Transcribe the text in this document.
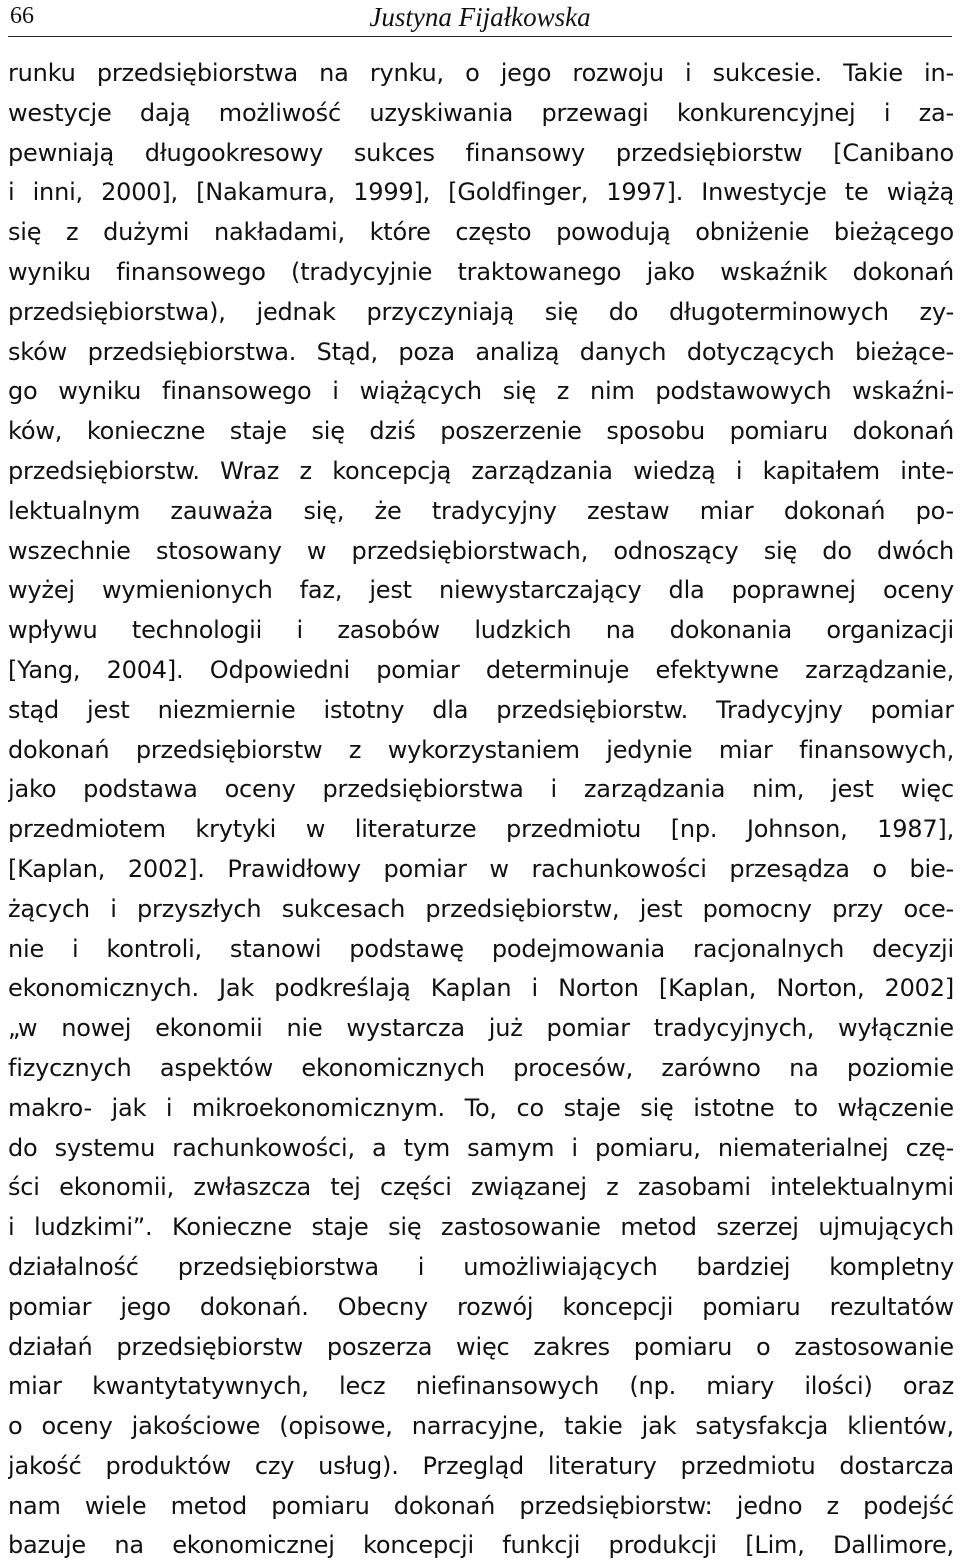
66	Justyna Fijałkowska
runku przedsiębiorstwa na rynku, o jego rozwoju i sukcesie. Takie in-
westycje dają możliwość uzyskiwania przewagi konkurencyjnej i za-
pewniają długookresowy sukces finansowy przedsiębiorstw [Canibano
i inni, 2000], [Nakamura, 1999], [Goldfinger, 1997]. Inwestycje te wiążą
się z dużymi nakładami, które często powodują obniżenie bieżącego
wyniku finansowego (tradycyjnie traktowanego jako wskaźnik dokonań
przedsiębiorstwa), jednak przyczyniają się do długoterminowych zy-
sków przedsiębiorstwa. Stąd, poza analizą danych dotyczących bieżące-
go wyniku finansowego i wiążących się z nim podstawowych wskaźni-
ków, konieczne staje się dziś poszerzenie sposobu pomiaru dokonań
przedsiębiorstw. Wraz z koncepcją zarządzania wiedzą i kapitałem inte-
lektualnym zauważa się, że tradycyjny zestaw miar dokonań po-
wszechnie stosowany w przedsiębiorstwach, odnoszący się do dwóch
wyżej wymienionych faz, jest niewystarczający dla poprawnej oceny
wpływu technologii i zasobów ludzkich na dokonania organizacji
[Yang, 2004]. Odpowiedni pomiar determinuje efektywne zarządzanie,
stąd jest niezmiernie istotny dla przedsiębiorstw. Tradycyjny pomiar
dokonań przedsiębiorstw z wykorzystaniem jedynie miar finansowych,
jako podstawa oceny przedsiębiorstwa i zarządzania nim, jest więc
przedmiotem krytyki w literaturze przedmiotu [np. Johnson, 1987],
[Kaplan, 2002]. Prawidłowy pomiar w rachunkowości przesądza o bie-
żących i przyszłych sukcesach przedsiębiorstw, jest pomocny przy oce-
nie i kontroli, stanowi podstawę podejmowania racjonalnych decyzji
ekonomicznych. Jak podkreślają Kaplan i Norton [Kaplan, Norton, 2002]
„w nowej ekonomii nie wystarcza już pomiar tradycyjnych, wyłącznie
fizycznych aspektów ekonomicznych procesów, zarówno na poziomie
makro- jak i mikroekonomicznym. To, co staje się istotne to włączenie
do systemu rachunkowości, a tym samym i pomiaru, niematerialnej czę-
ści ekonomii, zwłaszcza tej części związanej z zasobami intelektualnymi
i ludzkimi”. Konieczne staje się zastosowanie metod szerzej ujmujących
działalność przedsiębiorstwa i umożliwiających bardziej kompletny
pomiar jego dokonań. Obecny rozwój koncepcji pomiaru rezultatów
działań przedsiębiorstw poszerza więc zakres pomiaru o zastosowanie
miar kwantytatywnych, lecz niefinansowych (np. miary ilości) oraz
o oceny jakościowe (opisowe, narracyjne, takie jak satysfakcja klientów,
jakość produktów czy usług). Przegląd literatury przedmiotu dostarcza
nam wiele metod pomiaru dokonań przedsiębiorstw: jedno z podejść
bazuje na ekonomicznej koncepcji funkcji produkcji [Lim, Dallimore,
